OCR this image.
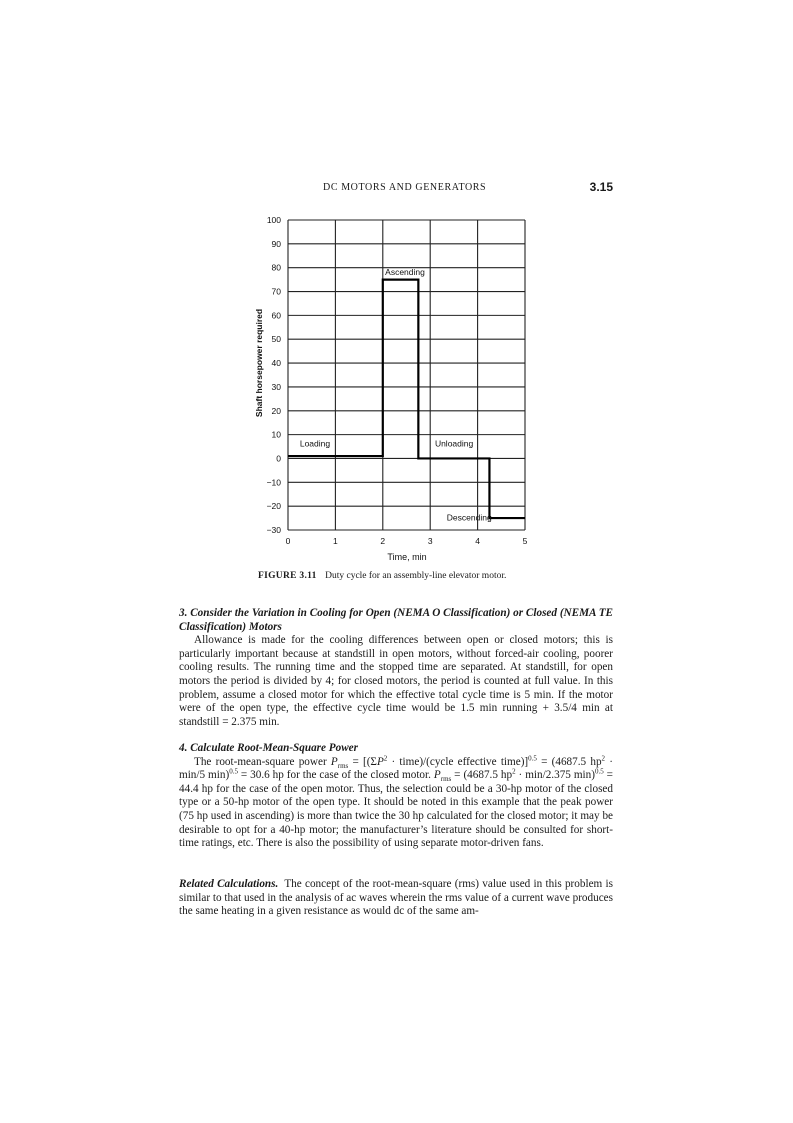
DC MOTORS AND GENERATORS	3.15
100
90
80
70
60
50
40
30
20
10
0
−10
−20
−30
0	1	2	3	4	5
Loading
Ascending
Unloading
Descending
Time, min
Shaft horsepower required
FIGURE 3.11 Duty cycle for an assembly-line elevator motor.
3. Consider the Variation in Cooling for Open (NEMA O Classification) or Closed (NEMA TE Classification) Motors

Allowance is made for the cooling differences between open or closed motors; this is particularly important because at standstill in open motors, without forced-air cooling, poorer cooling results. The running time and the stopped time are separated. At standstill, for open motors the period is divided by 4; for closed motors, the period is counted at full value. In this problem, assume a closed motor for which the effective total cycle time is 5 min. If the motor were of the open type, the effective cycle time would be 1.5 min running + 3.5/4 min at standstill = 2.375 min.

4. Calculate Root-Mean-Square Power

The root-mean-square power $P_{rms} = [(\Sigma P^2$ · time)/(cycle effective time)]$^{0.5}$ = (4687.5 $hp^2 \cdot \min/5$ min)$^{0.5}$ = 30.6 hp for the case of the closed motor. $P_{rms} = (4687.5$ $hp^2 \cdot \min/2.375$ min)$^{0.5}$ = 44.4 hp for the case of the open motor. Thus, the selection could be a 30-hp motor of the closed type or a 50-hp motor of the open type. It should be noted in this example that the peak power (75 hp used in ascending) is more than twice the 30 hp calculated for the closed motor; it may be desirable to opt for a 40-hp motor; the manufacturer’s literature should be consulted for short-time ratings, etc. There is also the possibility of using separate motor-driven fans.

Related Calculations. The concept of the root-mean-square (rms) value used in this problem is similar to that used in the analysis of ac waves wherein the rms value of a current wave produces the same heating in a given resistance as would dc of the same am-
